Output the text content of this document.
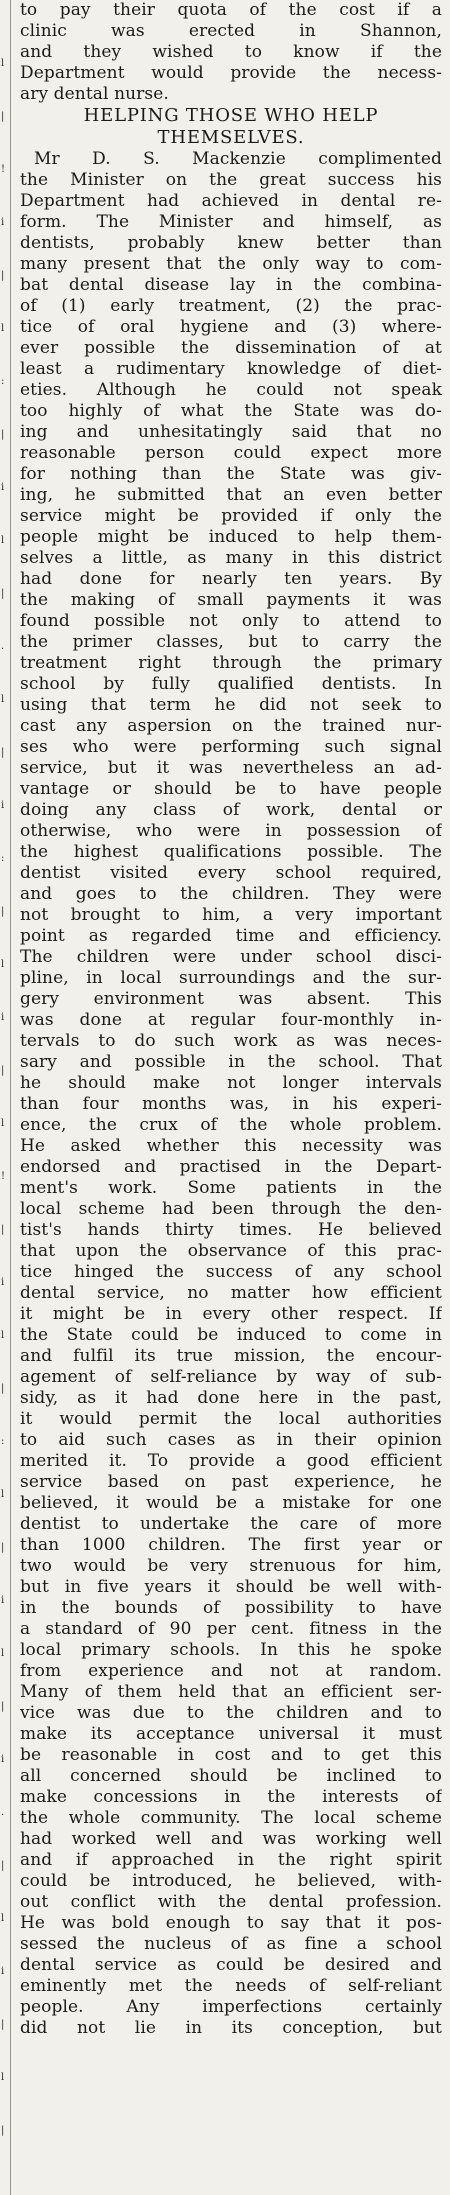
l
|
!
i
|
l
:
|
i
l
|
.
l
|
i
:
|
l
i
|
l
!
|
i
l
|
:
l
|
i
l
|
i
.
|
l
i
|
l
|
to pay their quota of the cost if a
clinic was erected in Shannon,
and they wished to know if the
Department would provide the necess-
ary dental nurse.
HELPING THOSE WHO HELP
THEMSELVES.
Mr D. S. Mackenzie complimented
the Minister on the great success his
Department had achieved in dental re-
form. The Minister and himself, as
dentists, probably knew better than
many present that the only way to com-
bat dental disease lay in the combina-
of (1) early treatment, (2) the prac-
tice of oral hygiene and (3) where-
ever possible the dissemination of at
least a rudimentary knowledge of diet-
eties. Although he could not speak
too highly of what the State was do-
ing and unhesitatingly said that no
reasonable person could expect more
for nothing than the State was giv-
ing, he submitted that an even better
service might be provided if only the
people might be induced to help them-
selves a little, as many in this district
had done for nearly ten years. By
the making of small payments it was
found possible not only to attend to
the primer classes, but to carry the
treatment right through the primary
school by fully qualified dentists. In
using that term he did not seek to
cast any aspersion on the trained nur-
ses who were performing such signal
service, but it was nevertheless an ad-
vantage or should be to have people
doing any class of work, dental or
otherwise, who were in possession of
the highest qualifications possible. The
dentist visited every school required,
and goes to the children. They were
not brought to him, a very important
point as regarded time and efficiency.
The children were under school disci-
pline, in local surroundings and the sur-
gery environment was absent. This
was done at regular four-monthly in-
tervals to do such work as was neces-
sary and possible in the school. That
he should make not longer intervals
than four months was, in his experi-
ence, the crux of the whole problem.
He asked whether this necessity was
endorsed and practised in the Depart-
ment's work. Some patients in the
local scheme had been through the den-
tist's hands thirty times. He believed
that upon the observance of this prac-
tice hinged the success of any school
dental service, no matter how efficient
it might be in every other respect. If
the State could be induced to come in
and fulfil its true mission, the encour-
agement of self-reliance by way of sub-
sidy, as it had done here in the past,
it would permit the local authorities
to aid such cases as in their opinion
merited it. To provide a good efficient
service based on past experience, he
believed, it would be a mistake for one
dentist to undertake the care of more
than 1000 children. The first year or
two would be very strenuous for him,
but in five years it should be well with-
in the bounds of possibility to have
a standard of 90 per cent. fitness in the
local primary schools. In this he spoke
from experience and not at random.
Many of them held that an efficient ser-
vice was due to the children and to
make its acceptance universal it must
be reasonable in cost and to get this
all concerned should be inclined to
make concessions in the interests of
the whole community. The local scheme
had worked well and was working well
and if approached in the right spirit
could be introduced, he believed, with-
out conflict with the dental profession.
He was bold enough to say that it pos-
sessed the nucleus of as fine a school
dental service as could be desired and
eminently met the needs of self-reliant
people. Any imperfections certainly
did not lie in its conception, but
